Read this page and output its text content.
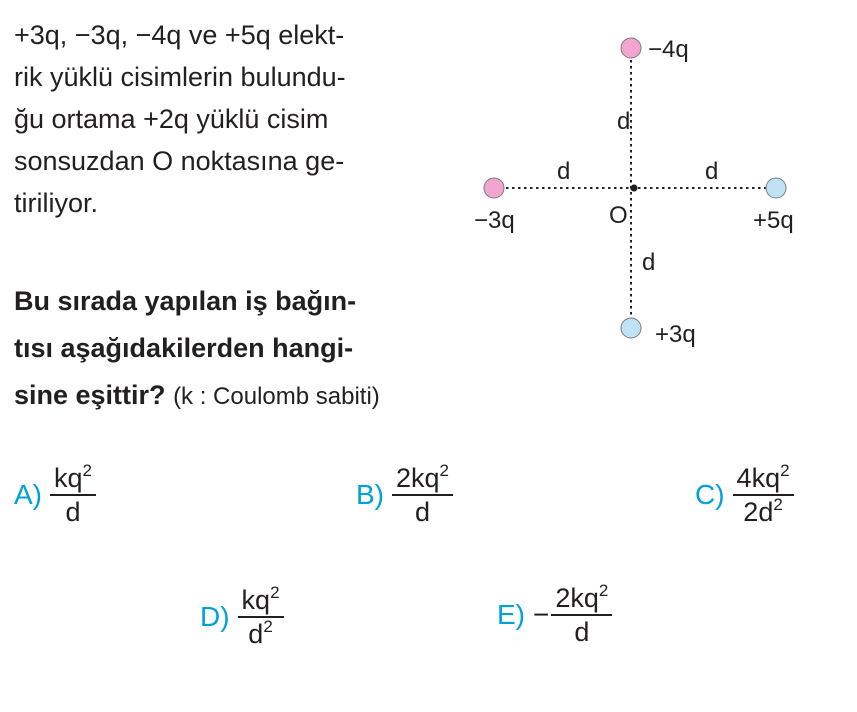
+3q, −3q, −4q ve +5q elekt-
rik yüklü cisimlerin bulundu-
ğu ortama +2q yüklü cisim
sonsuzdan O noktasına ge-
tiriliyor.
Bu sırada yapılan iş bağın-
tısı aşağıdakilerden hangi-
sine eşittir? (k : Coulomb sabiti)
−4q
−3q	+5q
+3q
O
d
d	d
d
$A) \frac{kq^2}{d}$	$B) \frac{2kq^2}{d}$	$C) \frac{4kq^2}{2d^2}$
$D) \frac{kq^2}{d^2}$	$E) - \frac{2kq^2}{d}$
